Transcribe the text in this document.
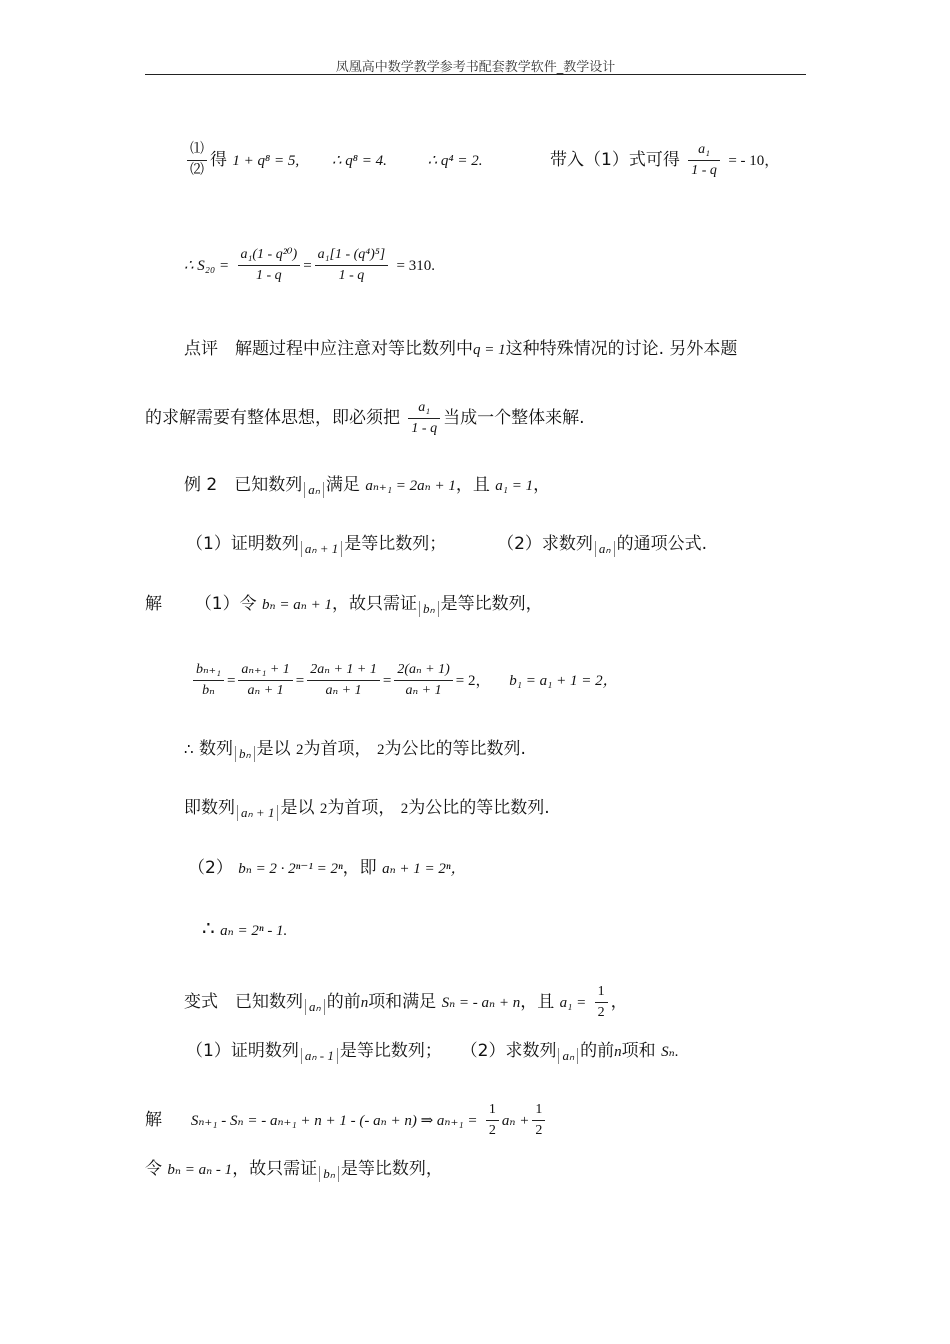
凤凰高中数学教学参考书配套教学软件_教学设计
$\frac{\text{⑴}}{\text{⑵}}$ 得 1 + q⁸ = 5, ∴ q⁸ = 4.	∴ q⁴ = 2.	带入（1）式可得 $\frac{\text{a₁}}{1 - q}$ = - 10，
∴ $S_{20} = \frac{\text{a₁(1 - q²⁰)}}{1 - q} = \frac{\text{a₁[1 - (q⁴)⁵]}}{1 - q} = 310$.
点评　解题过程中应注意对等比数列中q = 1这种特殊情况的讨论. 另外本题
的求解需要有整体思想，即必须把 $\frac{\text{a₁}}{1 - q}$ 当成一个整体来解.
例 2　已知数列 aₙ 满足 aₙ₊₁ = 2aₙ + 1，且 a₁ = 1，
（1）证明数列 aₙ + 1 是等比数列；	（2）求数列 aₙ 的通项公式.
解 （1）令 bₙ = aₙ + 1，故只需证 bₙ 是等比数列，
$\frac{\text{bₙ₊₁}}{\text{bₙ}} = \frac{\text{aₙ₊₁ + 1}}{\text{aₙ + 1}} = \frac{\text{2aₙ + 1 + 1}}{\text{aₙ + 1}} = \frac{\text{2(aₙ + 1)}}{\text{aₙ + 1}} = 2$， b₁ = a₁ + 1 = 2，
∴ 数列 bₙ 是以 2为首项， 2为公比的等比数列.
即数列 aₙ + 1 是以 2为首项， 2为公比的等比数列.
（2） bₙ = 2 · 2ⁿ⁻¹ = 2ⁿ，即 aₙ + 1 = 2ⁿ，
∴ aₙ = 2ⁿ - 1.
变式　已知数列 aₙ 的前n项和满足 Sₙ = - aₙ + n，且 $a_1 = \frac{1}{2}$ ，
（1）证明数列 aₙ - 1 是等比数列； （2）求数列 aₙ 的前n项和 Sₙ.
解 Sₙ₊₁ - Sₙ = - aₙ₊₁ + n + 1 - (- aₙ + n) ⇒ $a_{n+1} = \frac{1}{2}$ $a_n + \frac{1}{2}$
令 bₙ = aₙ - 1，故只需证 bₙ 是等比数列，
